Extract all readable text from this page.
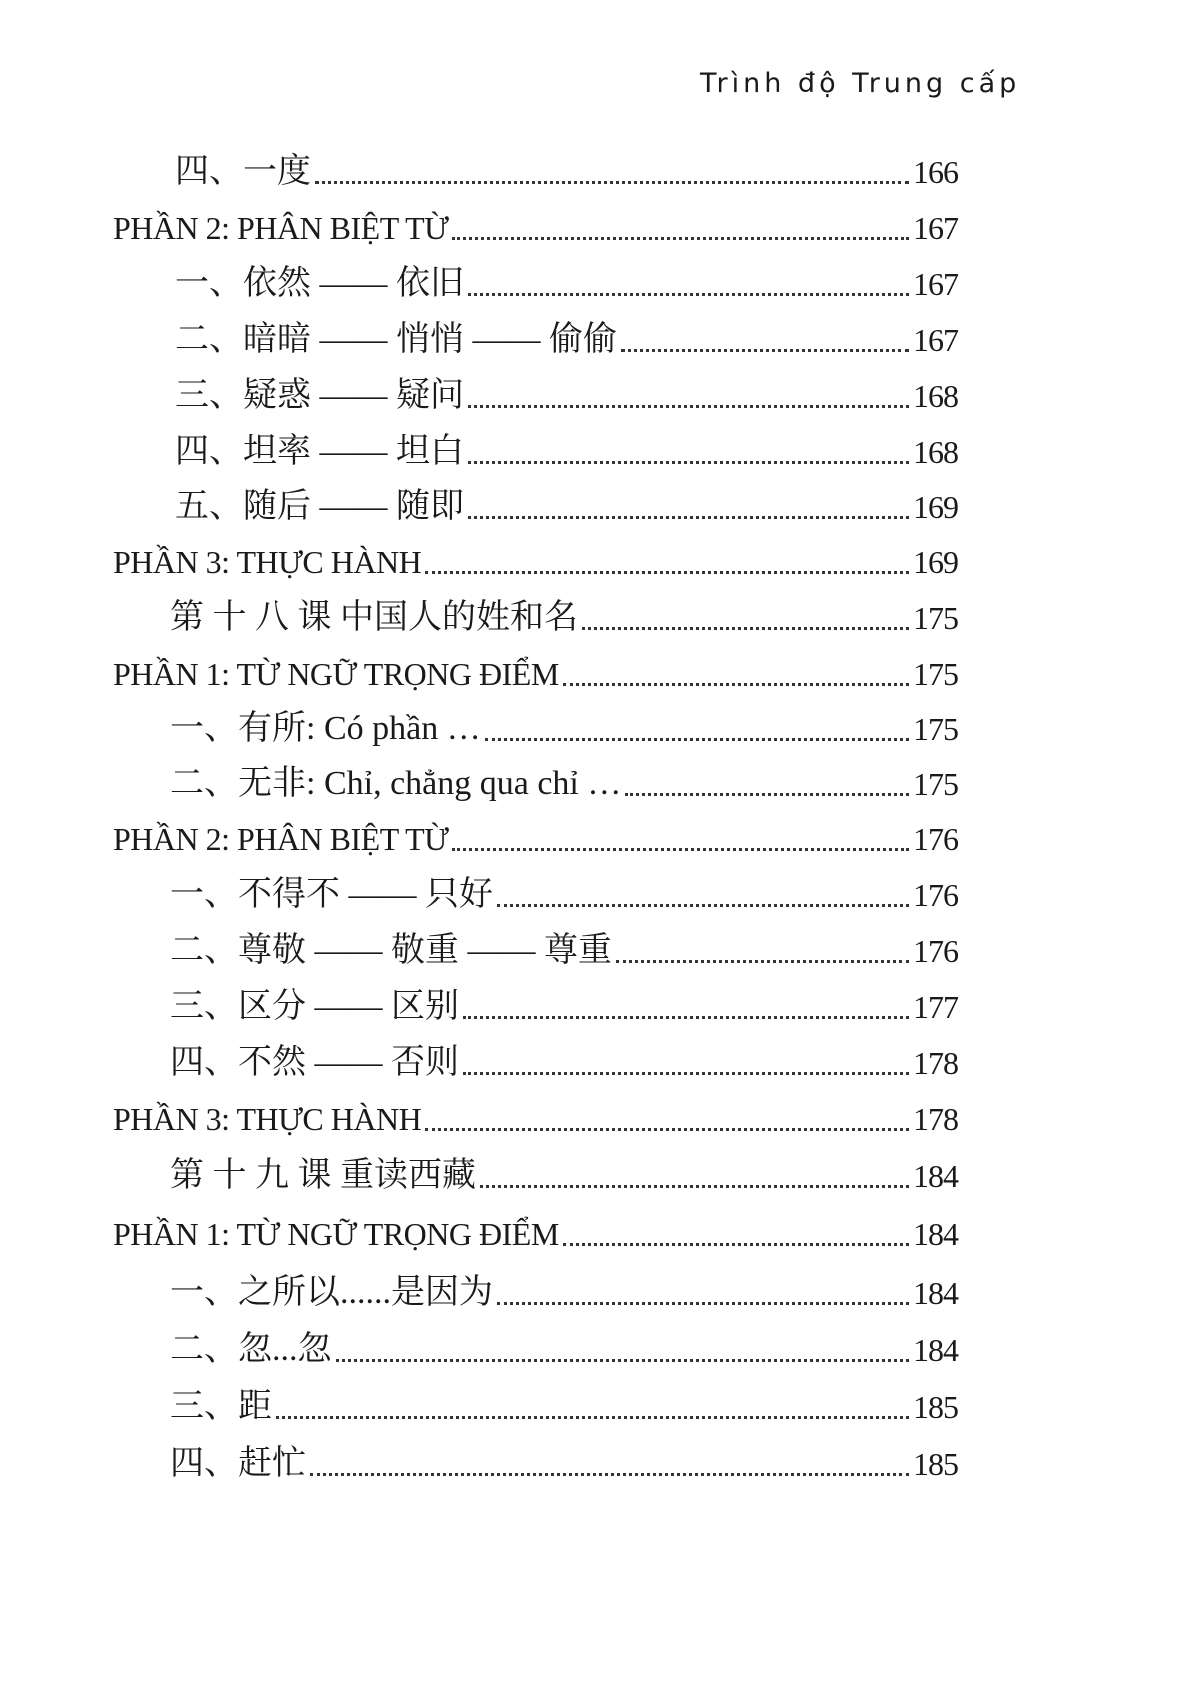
Trình độ Trung cấp
四、一度	166
PHẦN 2: PHÂN BIỆT TỪ	167
一、依然 —— 依旧	167
二、暗暗 —— 悄悄 —— 偷偷	167
三、疑惑 —— 疑问	168
四、坦率 —— 坦白	168
五、随后 —— 随即	169
PHẦN 3: THỰC HÀNH	169
第 十 八 课 中国人的姓和名	175
PHẦN 1: TỪ NGỮ TRỌNG ĐIỂM	175
一、有所: Có phần …	175
二、无非: Chỉ, chẳng qua chỉ …	175
PHẦN 2: PHÂN BIỆT TỪ	176
一、不得不 —— 只好	176
二、尊敬 —— 敬重 —— 尊重	176
三、区分 —— 区别	177
四、不然 —— 否则	178
PHẦN 3: THỰC HÀNH	178
第 十 九 课 重读西藏	184
PHẦN 1: TỪ NGỮ TRỌNG ĐIỂM	184
一、之所以......是因为	184
二、忽...忽	184
三、距	185
四、赶忙	185
